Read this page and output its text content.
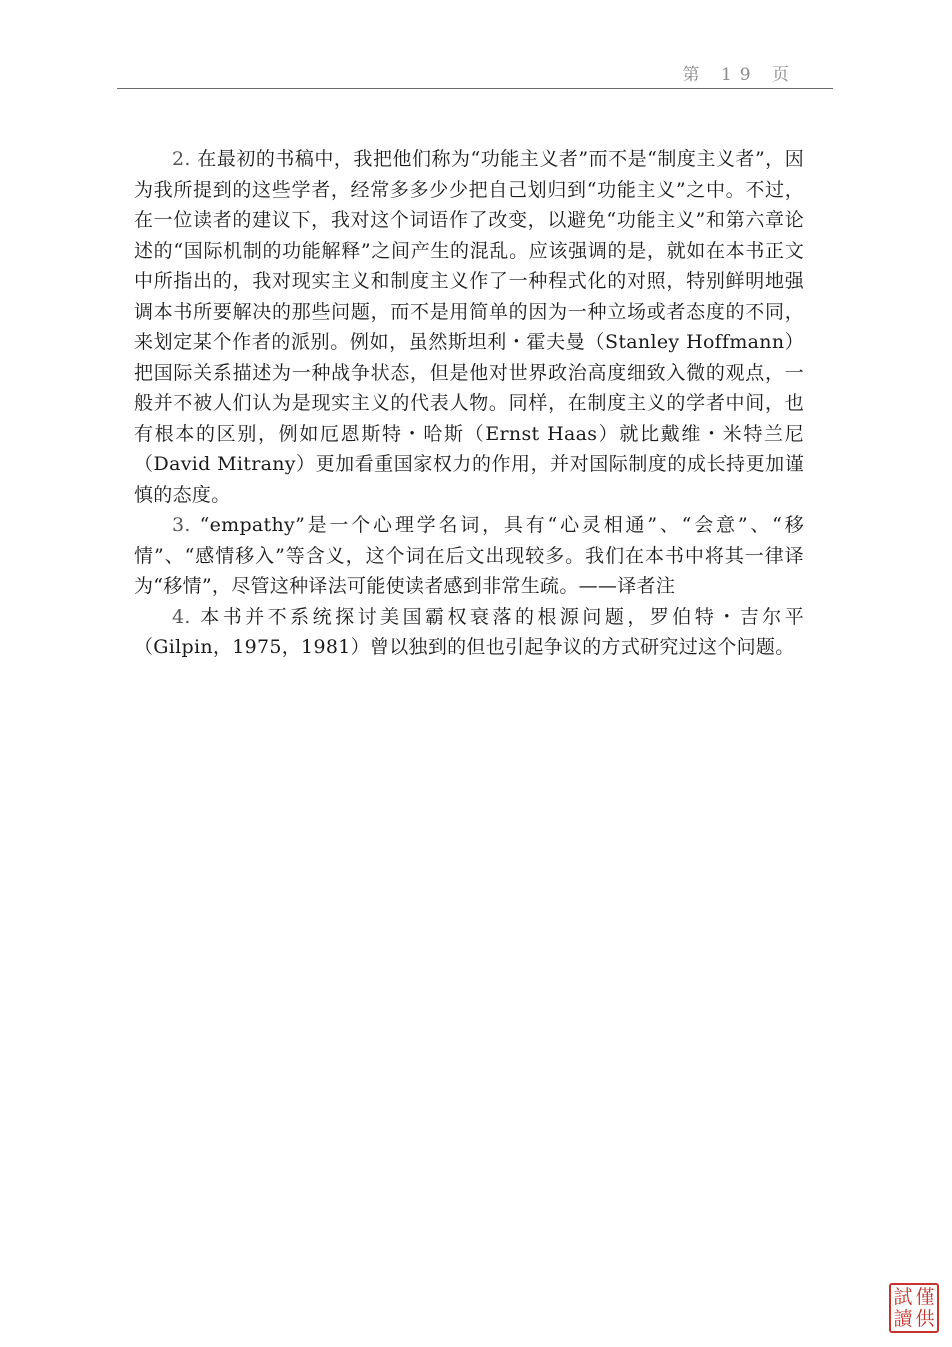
第 19 页

2. 在最初的书稿中，我把他们称为“功能主义者”而不是“制度主义者”，因为我所提到的这些学者，经常多多少少把自己划归到“功能主义”之中。不过，在一位读者的建议下，我对这个词语作了改变，以避免“功能主义”和第六章论述的“国际机制的功能解释”之间产生的混乱。应该强调的是，就如在本书正文中所指出的，我对现实主义和制度主义作了一种程式化的对照，特别鲜明地强调本书所要解决的那些问题，而不是用简单的因为一种立场或者态度的不同，来划定某个作者的派别。例如，虽然斯坦利・霍夫曼（Stanley Hoffmann）把国际关系描述为一种战争状态，但是他对世界政治高度细致入微的观点，一般并不被人们认为是现实主义的代表人物。同样，在制度主义的学者中间，也有根本的区别，例如厄恩斯特・哈斯（Ernst Haas）就比戴维・米特兰尼（David Mitrany）更加看重国家权力的作用，并对国际制度的成长持更加谨慎的态度。

3. “empathy”是一个心理学名词，具有“心灵相通”、“会意”、“移情”、“感情移入”等含义，这个词在后文出现较多。我们在本书中将其一律译为“移情”，尽管这种译法可能使读者感到非常生疏。——译者注

4. 本书并不系统探讨美国霸权衰落的根源问题，罗伯特・吉尔平（Gilpin，1975，1981）曾以独到的但也引起争议的方式研究过这个问题。

試 僅
讀 供
